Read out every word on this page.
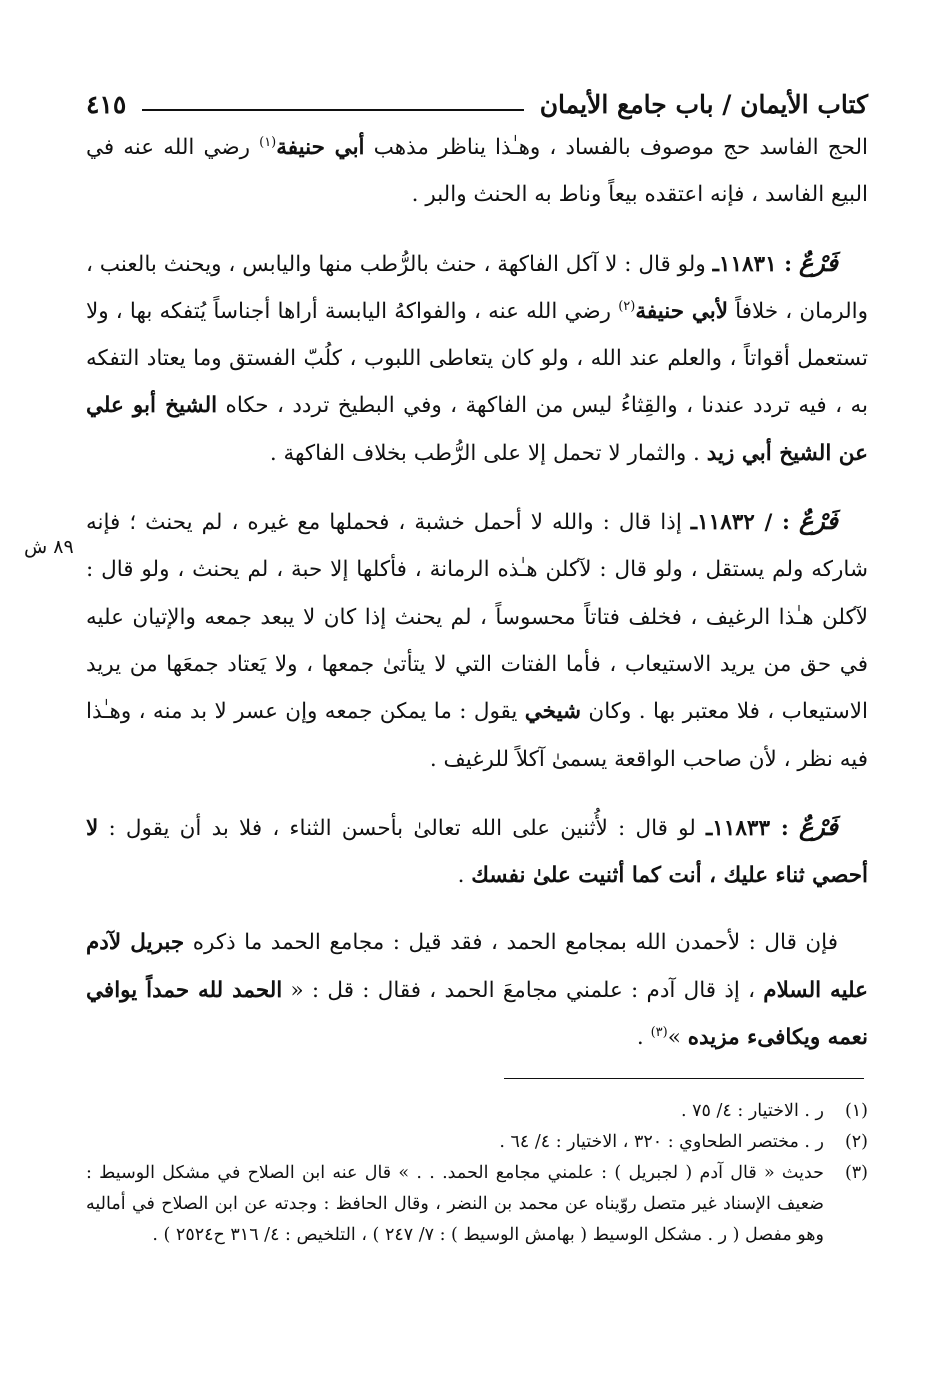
كتاب الأيمان / باب جامع الأيمان
٤١٥
٨٩ ش

الحج الفاسد حج موصوف بالفساد ، وهـٰذا يناظر مذهب أبي حنيفة$^{(١)}$ رضي الله عنه في البيع الفاسد ، فإنه اعتقده بيعاً وناط به الحنث والبر .

فَرْعٌ : ١١٨٣١ـ ولو قال : لا آكل الفاكهة ، حنث بالرُّطب منها واليابس ، ويحنث بالعنب ، والرمان ، خلافاً لأبي حنيفة$^{(٢)}$ رضي الله عنه ، والفواكهُ اليابسة أراها أجناساً يُتفكه بها ، ولا تستعمل أقواتاً ، والعلم عند الله ، ولو كان يتعاطى اللبوب ، كلُبّ الفستق وما يعتاد التفكه به ، فيه تردد عندنا ، والقِثاءُ ليس من الفاكهة ، وفي البطيخ تردد ، حكاه الشيخ أبو علي عن الشيخ أبي زيد . والثمار لا تحمل إلا على الرُّطب بخلاف الفاكهة .

فَرْعٌ : / ١١٨٣٢ـ إذا قال : والله لا أحمل خشبة ، فحملها مع غيره ، لم يحنث ؛ فإنه شاركه ولم يستقل ، ولو قال : لآكلن هـٰذه الرمانة ، فأكلها إلا حبة ، لم يحنث ، ولو قال : لآكلن هـٰذا الرغيف ، فخلف فتاتاً محسوساً ، لم يحنث إذا كان لا يبعد جمعه والإتيان عليه في حق من يريد الاستيعاب ، فأما الفتات التي لا يتأتىٰ جمعها ، ولا يَعتاد جمعَها من يريد الاستيعاب ، فلا معتبر بها . وكان شيخي يقول : ما يمكن جمعه وإن عسر لا بد منه ، وهـٰذا فيه نظر ، لأن صاحب الواقعة يسمىٰ آكلاً للرغيف .

فَرْعٌ : ١١٨٣٣ـ لو قال : لأُثنين على الله تعالىٰ بأحسن الثناء ، فلا بد أن يقول : لا أحصي ثناء عليك ، أنت كما أثنيت علىٰ نفسك .

فإن قال : لأحمدن الله بمجامع الحمد ، فقد قيل : مجامع الحمد ما ذكره جبريل لآدم عليه السلام ، إذ قال آدم : علمني مجامعَ الحمد ، فقال : قل : « الحمد لله حمداً يوافي نعمه ويكافىء مزيده »$^{(٣)}$ .

(١)
ر . الاختيار : ٤/ ٧٥ .

(٢)
ر . مختصر الطحاوي : ٣٢٠ ، الاختيار : ٤/ ٦٤ .

(٣)
حديث « قال آدم ( لجبريل ) : علمني مجامع الحمد. . . » قال عنه ابن الصلاح في مشكل الوسيط : ضعيف الإسناد غير متصل روّيناه عن محمد بن النضر ، وقال الحافظ : وجدته عن ابن الصلاح في أماليه وهو مفصل ( ر . مشكل الوسيط ( بهامش الوسيط ) : ٧/ ٢٤٧ ) ، التلخيص : ٤/ ٣١٦ ح٢٥٢٤ ) .
